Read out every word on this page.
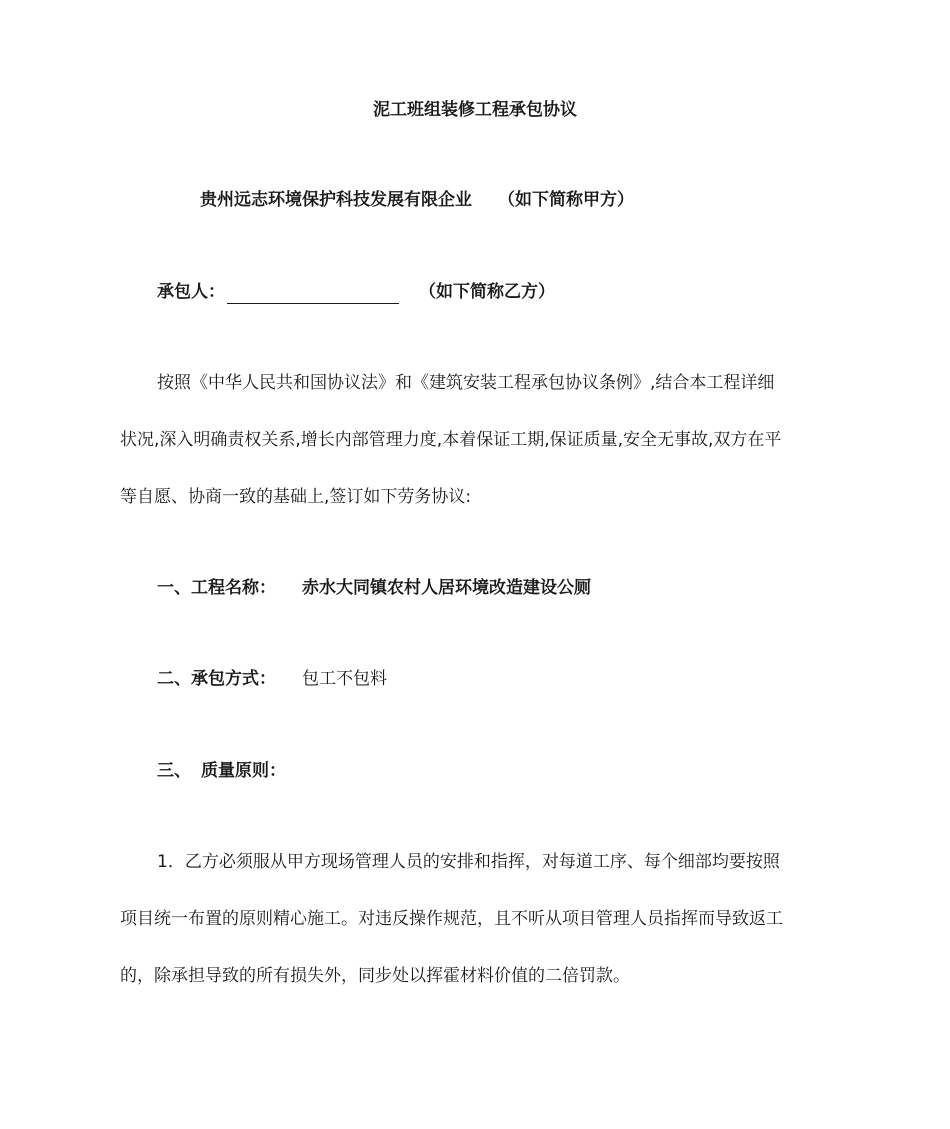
泥工班组装修工程承包协议
贵州远志环境保护科技发展有限企业 （如下简称甲方）
承包人：	（如下简称乙方）
按照《中华人民共和国协议法》和《建筑安装工程承包协议条例》,结合本工程详细
状况,深入明确责权关系,增长内部管理力度,本着保证工期,保证质量,安全无事故,双方在平
等自愿、协商一致的基础上,签订如下劳务协议:
一、工程名称： 赤水大同镇农村人居环境改造建设公厕
二、承包方式： 包工不包料
三、 质量原则：
1．乙方必须服从甲方现场管理人员的安排和指挥，对每道工序、每个细部均要按照
项目统一布置的原则精心施工。对违反操作规范，且不听从项目管理人员指挥而导致返工
的，除承担导致的所有损失外，同步处以挥霍材料价值的二倍罚款。
